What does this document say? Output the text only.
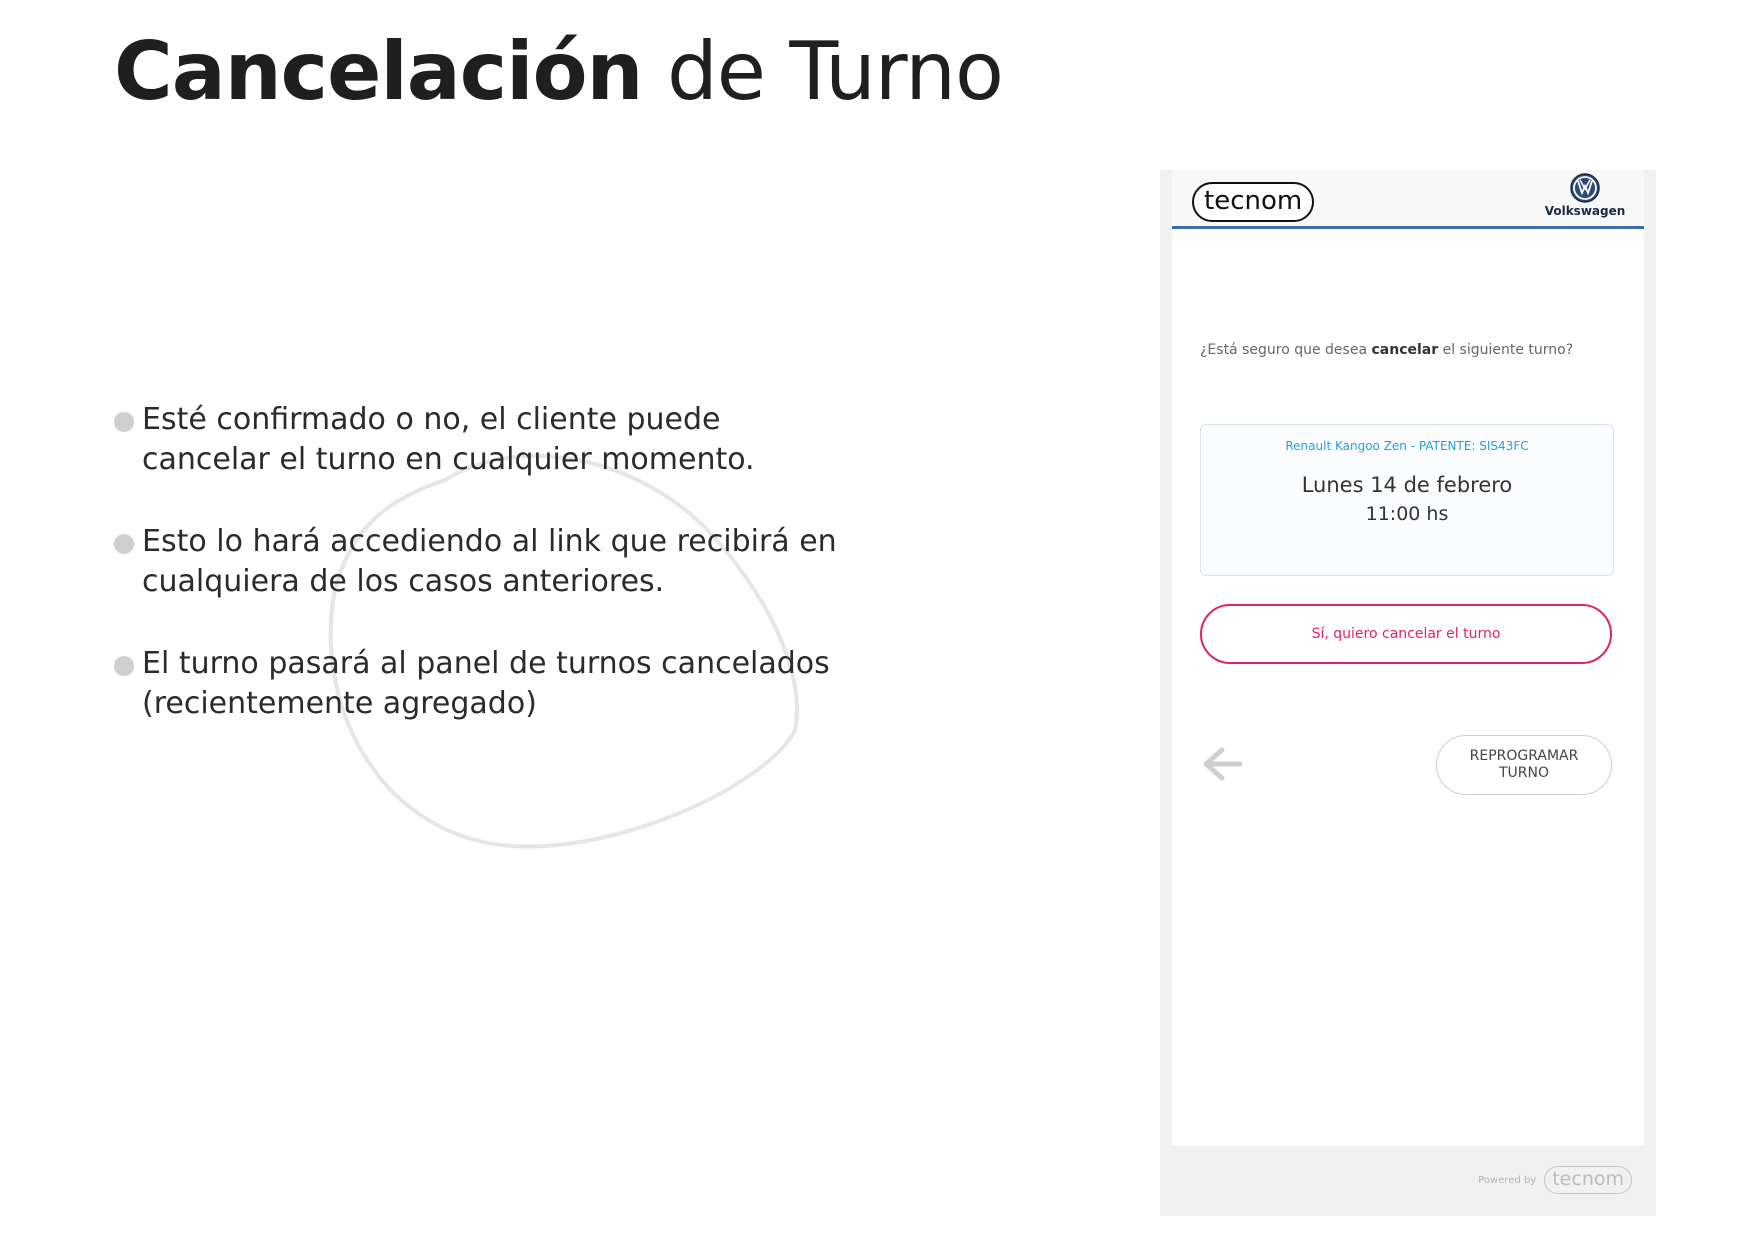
Cancelación de Turno
Esté confirmado o no, el cliente puede
cancelar el turno en cualquier momento.
Esto lo hará accediendo al link que recibirá en
cualquiera de los casos anteriores.
El turno pasará al panel de turnos cancelados
(recientemente agregado)
tecnom	Volkswagen
¿Está seguro que desea cancelar el siguiente turno?
Renault Kangoo Zen - PATENTE: SIS43FC
Lunes 14 de febrero
11:00 hs
Sí, quiero cancelar el turno
REPROGRAMAR
TURNO
Powered by tecnom
